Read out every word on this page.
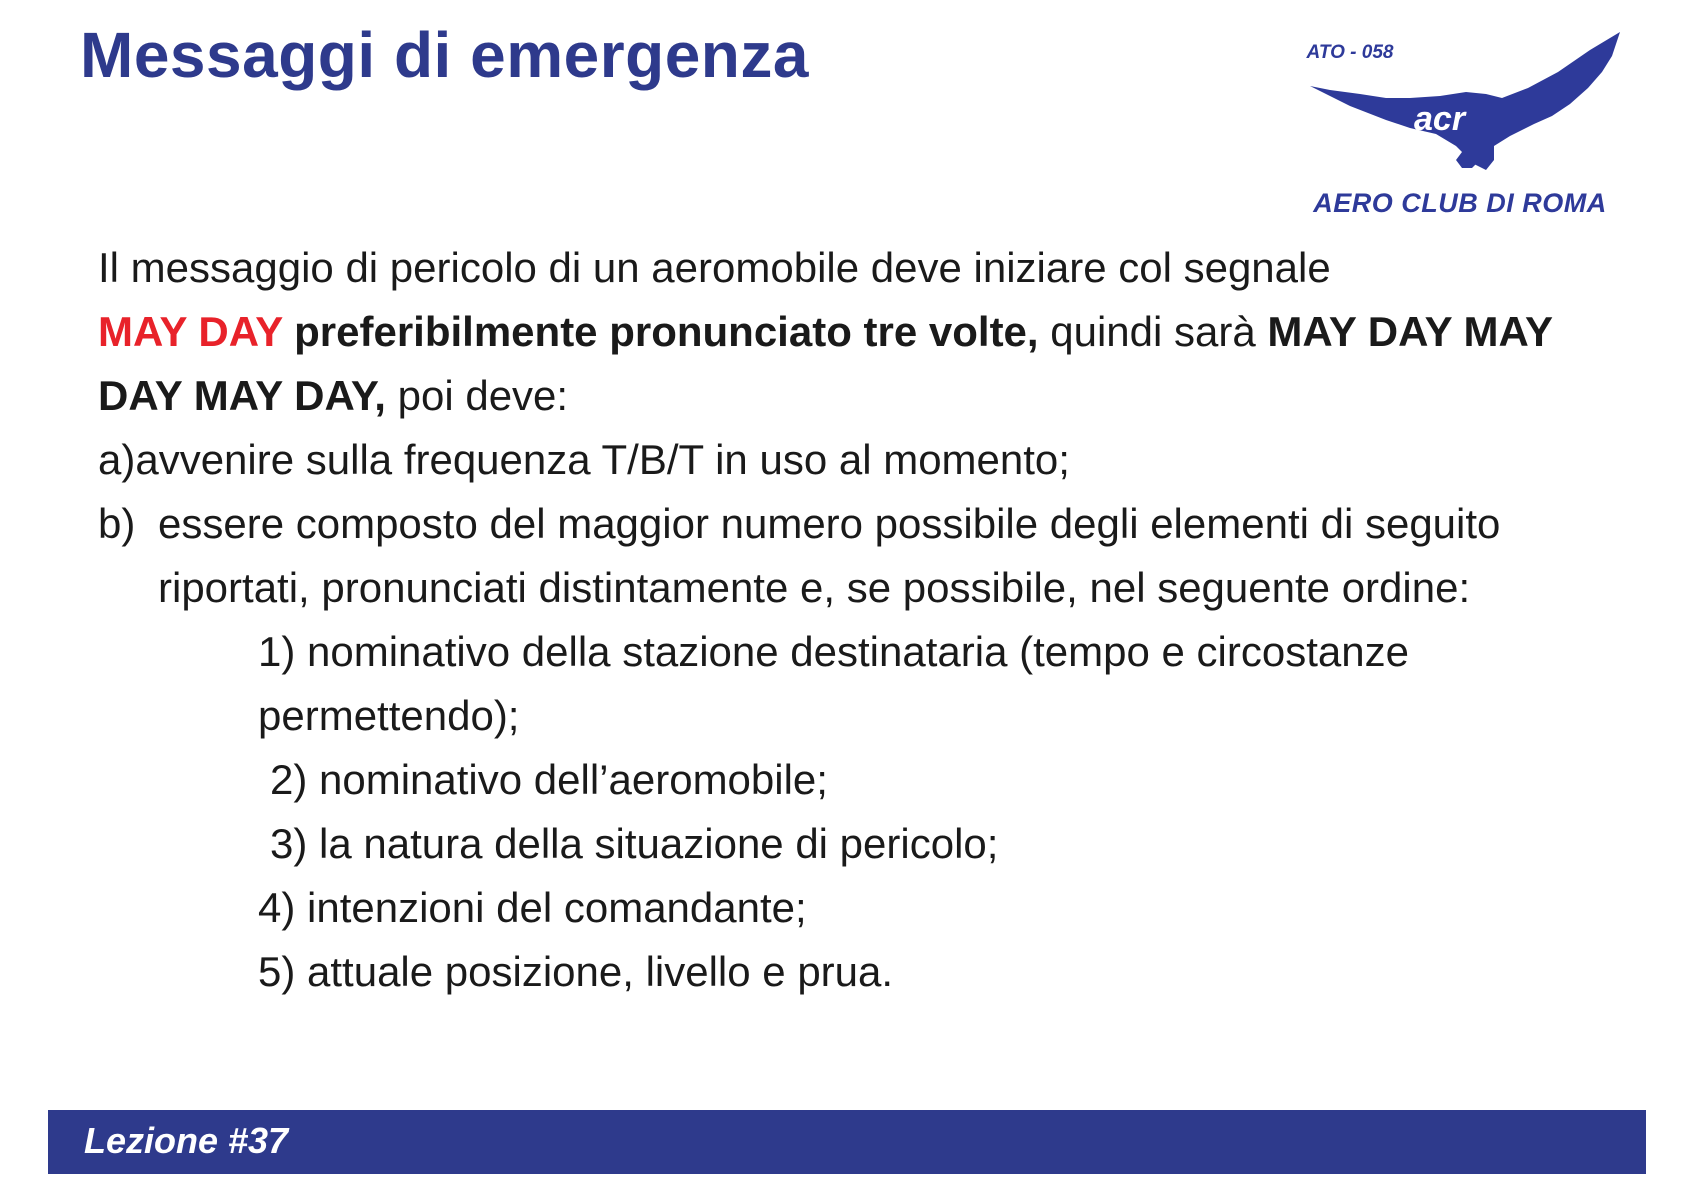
Messaggi di emergenza
acr
ATO - 058
AERO CLUB DI ROMA

Il messaggio di pericolo di un aeromobile deve iniziare col segnale
MAY DAY preferibilmente pronunciato tre volte, quindi sarà MAY DAY MAY DAY MAY DAY, poi deve:

a)avvenire sulla frequenza T/B/T in uso al momento;

b) essere composto del maggior numero possibile degli elementi di seguito riportati, pronunciati distintamente e, se possibile, nel seguente ordine:

1) nominativo della stazione destinataria (tempo e circostanze permettendo);

2) nominativo dell’aeromobile;

3) la natura della situazione di pericolo;

4) intenzioni del comandante;

5) attuale posizione, livello e prua.

Lezione #37
